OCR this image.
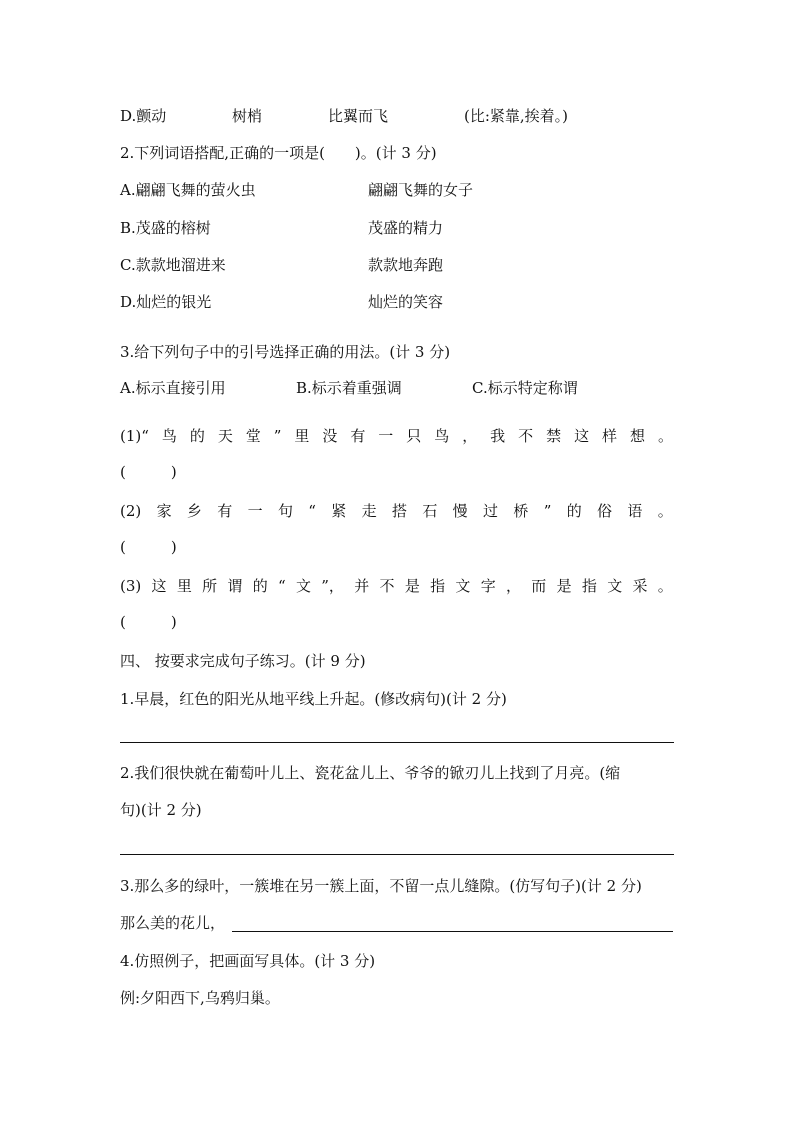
D.颤动	树梢	比翼而飞	(比:紧靠,挨着。)
2.下列词语搭配,正确的一项是(　　)。(计 3 分)
A.翩翩飞舞的萤火虫	翩翩飞舞的女子
B.茂盛的榕树	茂盛的精力
C.款款地溜进来	款款地奔跑
D.灿烂的银光	灿烂的笑容
3.给下列句子中的引号选择正确的用法。(计 3 分)
A.标示直接引用	B.标示着重强调	C.标示特定称谓
(1)“ 鸟 的 天 堂 ” 里 没 有 一 只 鸟 ， 我 不 禁 这 样 想 。
(　　　)
(2) 家 乡 有 一 句 “ 紧 走 搭 石 慢 过 桥 ” 的 俗 语 。
(　　　)
(3) 这 里 所 谓 的 “ 文 ”， 并 不 是 指 文 字 ， 而 是 指 文 采 。
(　　　)
四、 按要求完成句子练习。(计 9 分)
1.早晨，红色的阳光从地平线上升起。(修改病句)(计 2 分)
2.我们很快就在葡萄叶儿上、瓷花盆儿上、爷爷的锨刃儿上找到了月亮。(缩
句)(计 2 分)
3.那么多的绿叶，一簇堆在另一簇上面，不留一点儿缝隙。(仿写句子)(计 2 分)
那么美的花儿，
4.仿照例子，把画面写具体。(计 3 分)
例:夕阳西下,乌鸦归巢。
